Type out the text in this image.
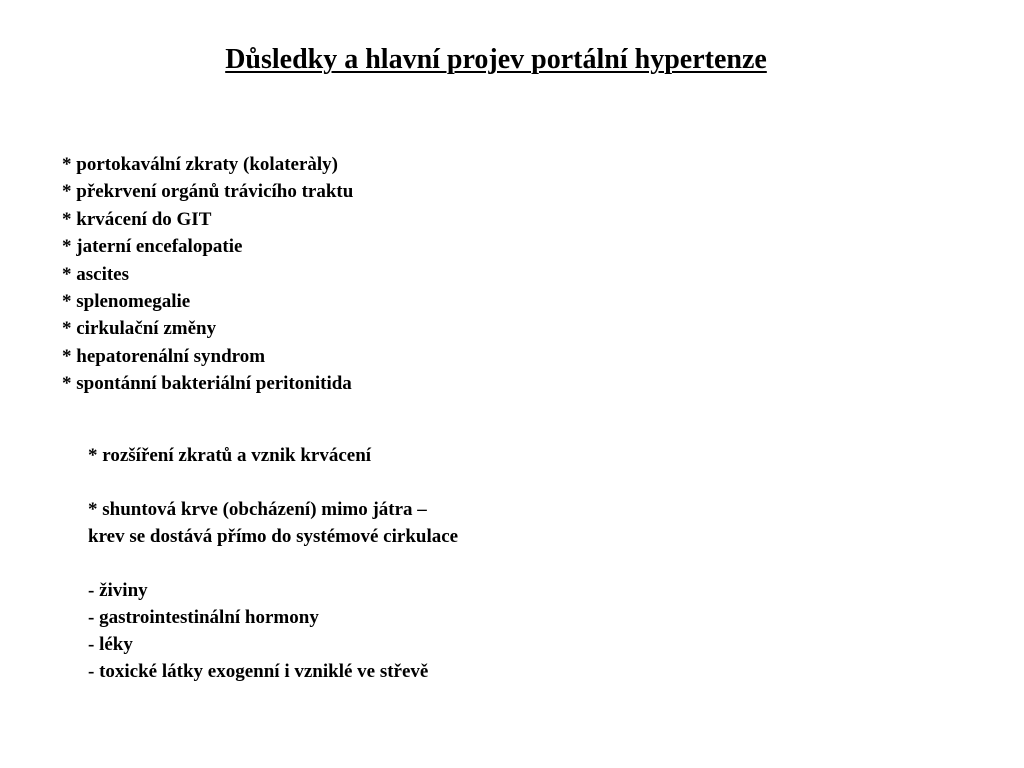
Důsledky a hlavní projev portální hypertenze
* portokavální zkraty (kolateràly)
* překrvení orgánů trávicího traktu
* krvácení do GIT
* jaterní encefalopatie
* ascites
* splenomegalie
* cirkulační změny
* hepatorenální syndrom
* spontánní bakteriální peritonitida
* rozšíření zkratů a vznik krvácení
* shuntová krve (obcházení) mimo játra –
krev se dostává přímo do systémové cirkulace
- živiny
- gastrointestinální hormony
- léky
- toxické látky exogenní i vzniklé ve střevě
